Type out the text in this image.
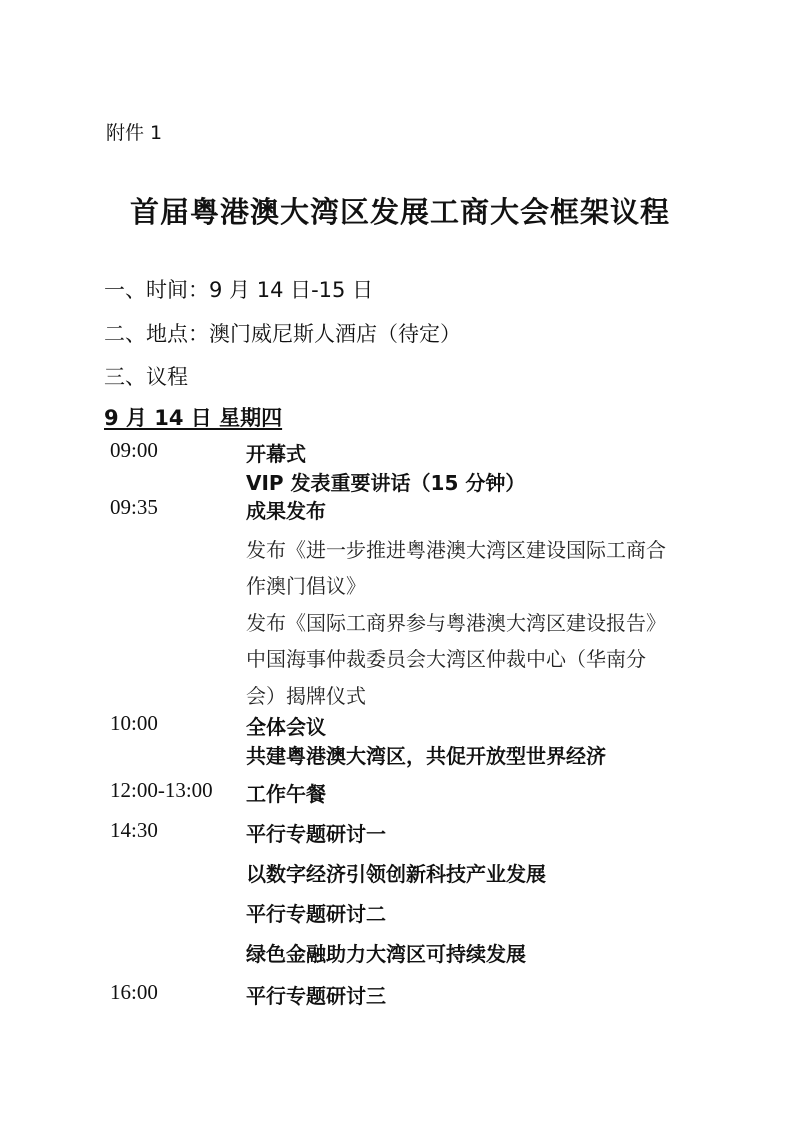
附件 1
首届粤港澳大湾区发展工商大会框架议程
一、时间：9 月 14 日-15 日
二、地点：澳门威尼斯人酒店（待定）
三、议程
9 月 14 日 星期四
09:00	开幕式
VIP 发表重要讲话（15 分钟）
09:35	成果发布
发布《进一步推进粤港澳大湾区建设国际工商合
作澳门倡议》
发布《国际工商界参与粤港澳大湾区建设报告》
中国海事仲裁委员会大湾区仲裁中心（华南分
会）揭牌仪式
10:00	全体会议
共建粤港澳大湾区，共促开放型世界经济
12:00-13:00 工作午餐
14:30	平行专题研讨一
以数字经济引领创新科技产业发展
平行专题研讨二
绿色金融助力大湾区可持续发展
16:00	平行专题研讨三
